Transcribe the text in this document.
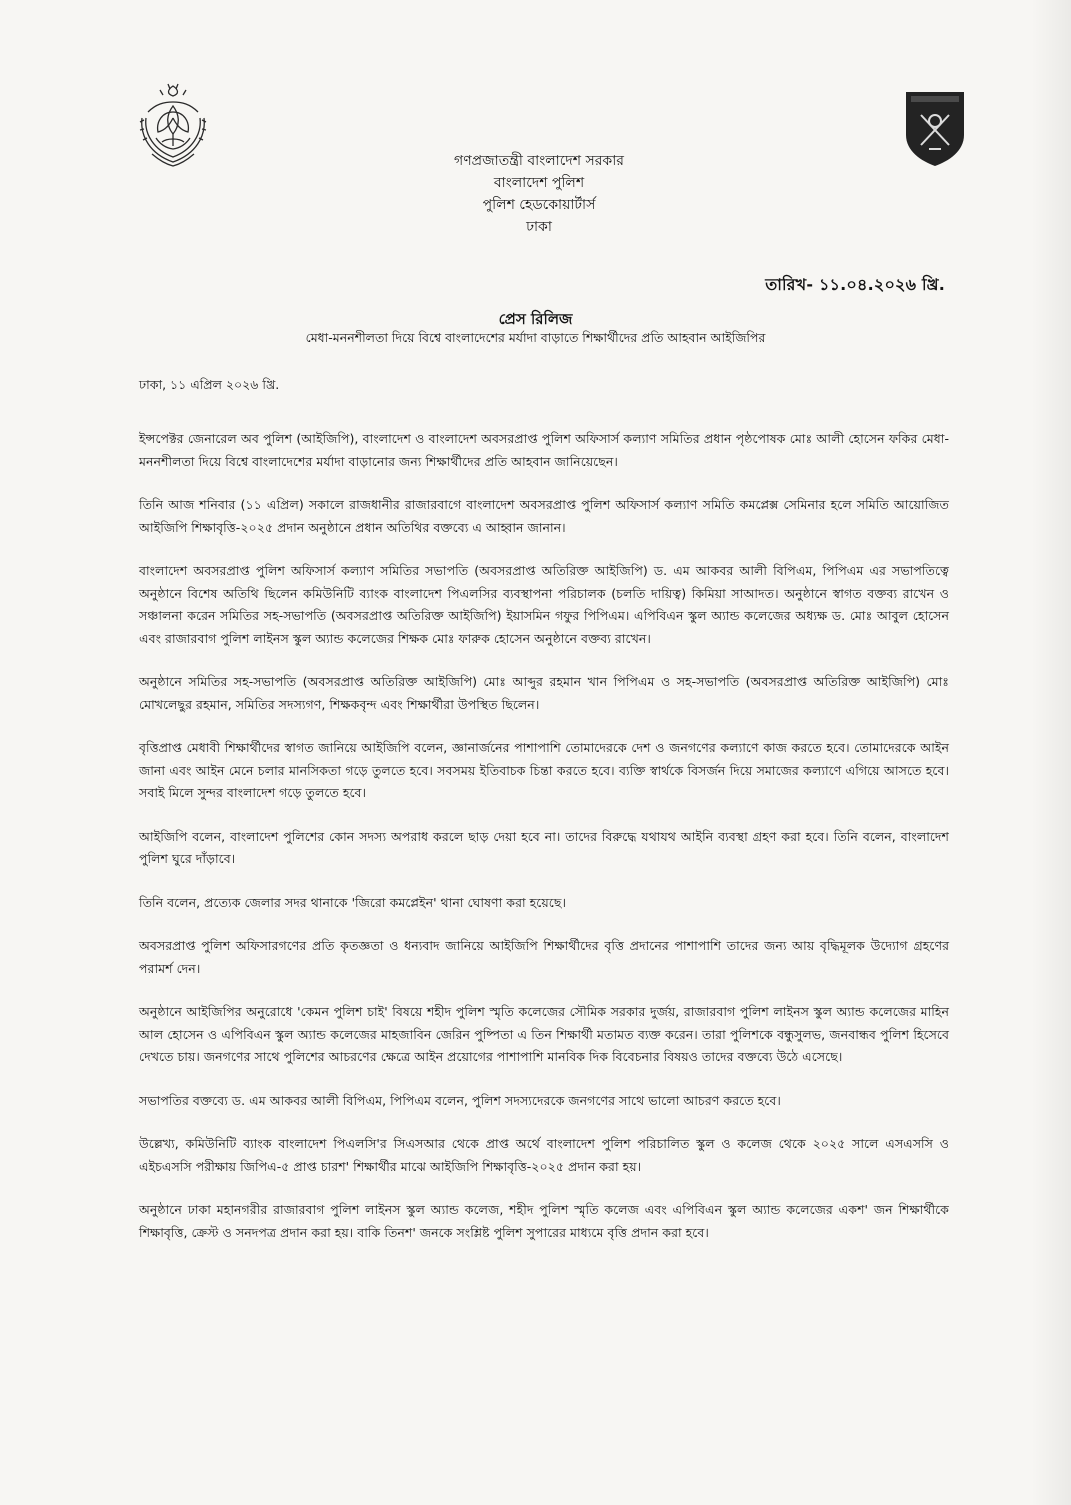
গণপ্রজাতন্ত্রী বাংলাদেশ সরকার
বাংলাদেশ পুলিশ
পুলিশ হেডকোয়ার্টার্স
ঢাকা
তারিখ- ১১.০৪.২০২৬ খ্রি.
প্রেস রিলিজ
মেধা-মননশীলতা দিয়ে বিশ্বে বাংলাদেশের মর্যাদা বাড়াতে শিক্ষার্থীদের প্রতি আহবান আইজিপির
ঢাকা, ১১ এপ্রিল ২০২৬ খ্রি.

ইন্সপেক্টর জেনারেল অব পুলিশ (আইজিপি), বাংলাদেশ ও বাংলাদেশ অবসরপ্রাপ্ত পুলিশ অফিসার্স কল্যাণ সমিতির প্রধান পৃষ্ঠপোষক মোঃ আলী হোসেন ফকির মেধা-মননশীলতা দিয়ে বিশ্বে বাংলাদেশের মর্যাদা বাড়ানোর জন্য শিক্ষার্থীদের প্রতি আহবান জানিয়েছেন।

তিনি আজ শনিবার (১১ এপ্রিল) সকালে রাজধানীর রাজারবাগে বাংলাদেশ অবসরপ্রাপ্ত পুলিশ অফিসার্স কল্যাণ সমিতি কমপ্লেক্স সেমিনার হলে সমিতি আয়োজিত আইজিপি শিক্ষাবৃত্তি-২০২৫ প্রদান অনুষ্ঠানে প্রধান অতিথির বক্তব্যে এ আহ্বান জানান।

বাংলাদেশ অবসরপ্রাপ্ত পুলিশ অফিসার্স কল্যাণ সমিতির সভাপতি (অবসরপ্রাপ্ত অতিরিক্ত আইজিপি) ড. এম আকবর আলী বিপিএম, পিপিএম এর সভাপতিত্বে অনুষ্ঠানে বিশেষ অতিথি ছিলেন কমিউনিটি ব্যাংক বাংলাদেশ পিএলসির ব্যবস্থাপনা পরিচালক (চলতি দায়িত্ব) কিমিয়া সাআদত। অনুষ্ঠানে স্বাগত বক্তব্য রাখেন ও সঞ্চালনা করেন সমিতির সহ-সভাপতি (অবসরপ্রাপ্ত অতিরিক্ত আইজিপি) ইয়াসমিন গফুর পিপিএম। এপিবিএন স্কুল অ্যান্ড কলেজের অধ্যক্ষ ড. মোঃ আবুল হোসেন এবং রাজারবাগ পুলিশ লাইনস স্কুল অ্যান্ড কলেজের শিক্ষক মোঃ ফারুক হোসেন অনুষ্ঠানে বক্তব্য রাখেন।

অনুষ্ঠানে সমিতির সহ-সভাপতি (অবসরপ্রাপ্ত অতিরিক্ত আইজিপি) মোঃ আব্দুর রহমান খান পিপিএম ও সহ-সভাপতি (অবসরপ্রাপ্ত অতিরিক্ত আইজিপি) মোঃ মোখলেছুর রহমান, সমিতির সদস্যগণ, শিক্ষকবৃন্দ এবং শিক্ষার্থীরা উপস্থিত ছিলেন।

বৃত্তিপ্রাপ্ত মেধাবী শিক্ষার্থীদের স্বাগত জানিয়ে আইজিপি বলেন, জ্ঞানার্জনের পাশাপাশি তোমাদেরকে দেশ ও জনগণের কল্যাণে কাজ করতে হবে। তোমাদেরকে আইন জানা এবং আইন মেনে চলার মানসিকতা গড়ে তুলতে হবে। সবসময় ইতিবাচক চিন্তা করতে হবে। ব্যক্তি স্বার্থকে বিসর্জন দিয়ে সমাজের কল্যাণে এগিয়ে আসতে হবে। সবাই মিলে সুন্দর বাংলাদেশ গড়ে তুলতে হবে।

আইজিপি বলেন, বাংলাদেশ পুলিশের কোন সদস্য অপরাধ করলে ছাড় দেয়া হবে না। তাদের বিরুদ্ধে যথাযথ আইনি ব্যবস্থা গ্রহণ করা হবে। তিনি বলেন, বাংলাদেশ পুলিশ ঘুরে দাঁড়াবে।

তিনি বলেন, প্রত্যেক জেলার সদর থানাকে 'জিরো কমপ্লেইন' থানা ঘোষণা করা হয়েছে।

অবসরপ্রাপ্ত পুলিশ অফিসারগণের প্রতি কৃতজ্ঞতা ও ধন্যবাদ জানিয়ে আইজিপি শিক্ষার্থীদের বৃত্তি প্রদানের পাশাপাশি তাদের জন্য আয় বৃদ্ধিমূলক উদ্যোগ গ্রহণের পরামর্শ দেন।

অনুষ্ঠানে আইজিপির অনুরোধে 'কেমন পুলিশ চাই' বিষয়ে শহীদ পুলিশ স্মৃতি কলেজের সৌমিক সরকার দুর্জয়, রাজারবাগ পুলিশ লাইনস স্কুল অ্যান্ড কলেজের মাহিন আল হোসেন ও এপিবিএন স্কুল অ্যান্ড কলেজের মাহজাবিন জেরিন পুষ্পিতা এ তিন শিক্ষার্থী মতামত ব্যক্ত করেন। তারা পুলিশকে বন্ধুসুলভ, জনবান্ধব পুলিশ হিসেবে দেখতে চায়। জনগণের সাথে পুলিশের আচরণের ক্ষেত্রে আইন প্রয়োগের পাশাপাশি মানবিক দিক বিবেচনার বিষয়ও তাদের বক্তব্যে উঠে এসেছে।

সভাপতির বক্তব্যে ড. এম আকবর আলী বিপিএম, পিপিএম বলেন, পুলিশ সদস্যদেরকে জনগণের সাথে ভালো আচরণ করতে হবে।

উল্লেখ্য, কমিউনিটি ব্যাংক বাংলাদেশ পিএলসি'র সিএসআর থেকে প্রাপ্ত অর্থে বাংলাদেশ পুলিশ পরিচালিত স্কুল ও কলেজ থেকে ২০২৫ সালে এসএসসি ও এইচএসসি পরীক্ষায় জিপিএ-৫ প্রাপ্ত চারশ' শিক্ষার্থীর মাঝে আইজিপি শিক্ষাবৃত্তি-২০২৫ প্রদান করা হয়।

অনুষ্ঠানে ঢাকা মহানগরীর রাজারবাগ পুলিশ লাইনস স্কুল অ্যান্ড কলেজ, শহীদ পুলিশ স্মৃতি কলেজ এবং এপিবিএন স্কুল অ্যান্ড কলেজের একশ' জন শিক্ষার্থীকে শিক্ষাবৃত্তি, ক্রেস্ট ও সনদপত্র প্রদান করা হয়। বাকি তিনশ' জনকে সংশ্লিষ্ট পুলিশ সুপারের মাধ্যমে বৃত্তি প্রদান করা হবে।
